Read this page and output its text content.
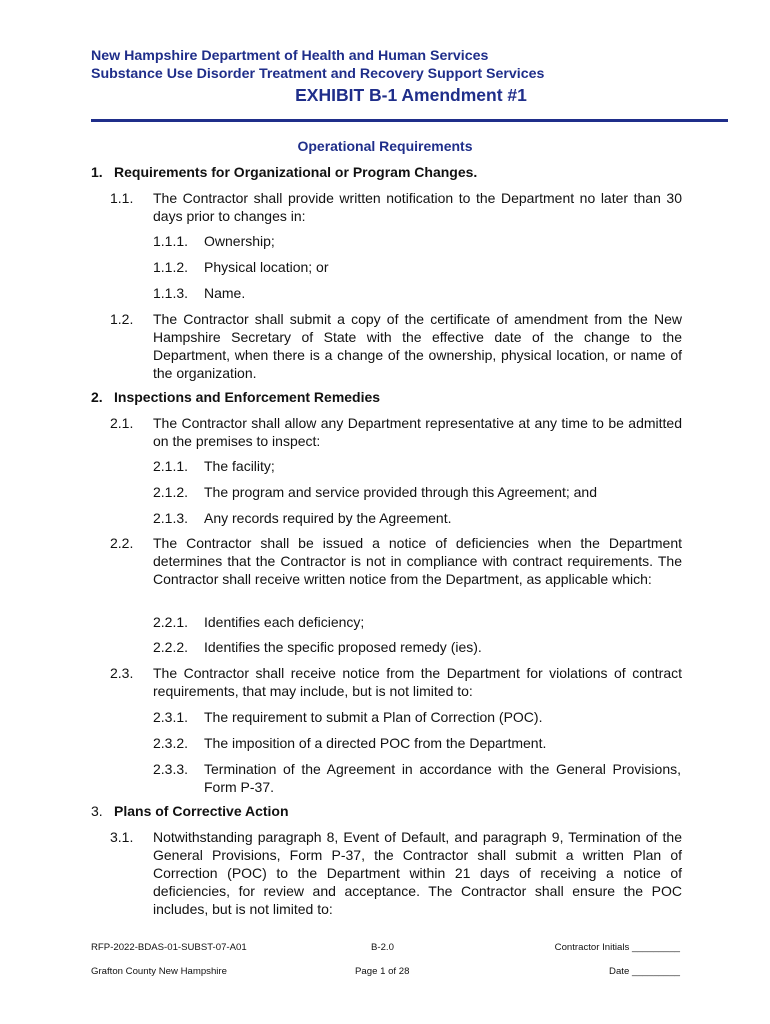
New Hampshire Department of Health and Human Services
Substance Use Disorder Treatment and Recovery Support Services
EXHIBIT B-1 Amendment #1
Operational Requirements
1. Requirements for Organizational or Program Changes.
1.1. The Contractor shall provide written notification to the Department no later than 30 days prior to changes in:
1.1.1. Ownership;
1.1.2. Physical location; or
1.1.3. Name.
1.2. The Contractor shall submit a copy of the certificate of amendment from the New Hampshire Secretary of State with the effective date of the change to the Department, when there is a change of the ownership, physical location, or name of the organization.
2. Inspections and Enforcement Remedies
2.1. The Contractor shall allow any Department representative at any time to be admitted on the premises to inspect:
2.1.1. The facility;
2.1.2. The program and service provided through this Agreement; and
2.1.3. Any records required by the Agreement.
2.2. The Contractor shall be issued a notice of deficiencies when the Department determines that the Contractor is not in compliance with contract requirements. The Contractor shall receive written notice from the Department, as applicable which:
2.2.1. Identifies each deficiency;
2.2.2. Identifies the specific proposed remedy (ies).
2.3. The Contractor shall receive notice from the Department for violations of contract requirements, that may include, but is not limited to:
2.3.1. The requirement to submit a Plan of Correction (POC).
2.3.2. The imposition of a directed POC from the Department.
2.3.3. Termination of the Agreement in accordance with the General Provisions, Form P-37.
3. Plans of Corrective Action
3.1. Notwithstanding paragraph 8, Event of Default, and paragraph 9, Termination of the General Provisions, Form P-37, the Contractor shall submit a written Plan of Correction (POC) to the Department within 21 days of receiving a notice of deficiencies, for review and acceptance. The Contractor shall ensure the POC includes, but is not limited to:
RFP-2022-BDAS-01-SUBST-07-A01	B-2.0	Contractor Initials _________
Grafton County New Hampshire	Page 1 of 28	Date _________
